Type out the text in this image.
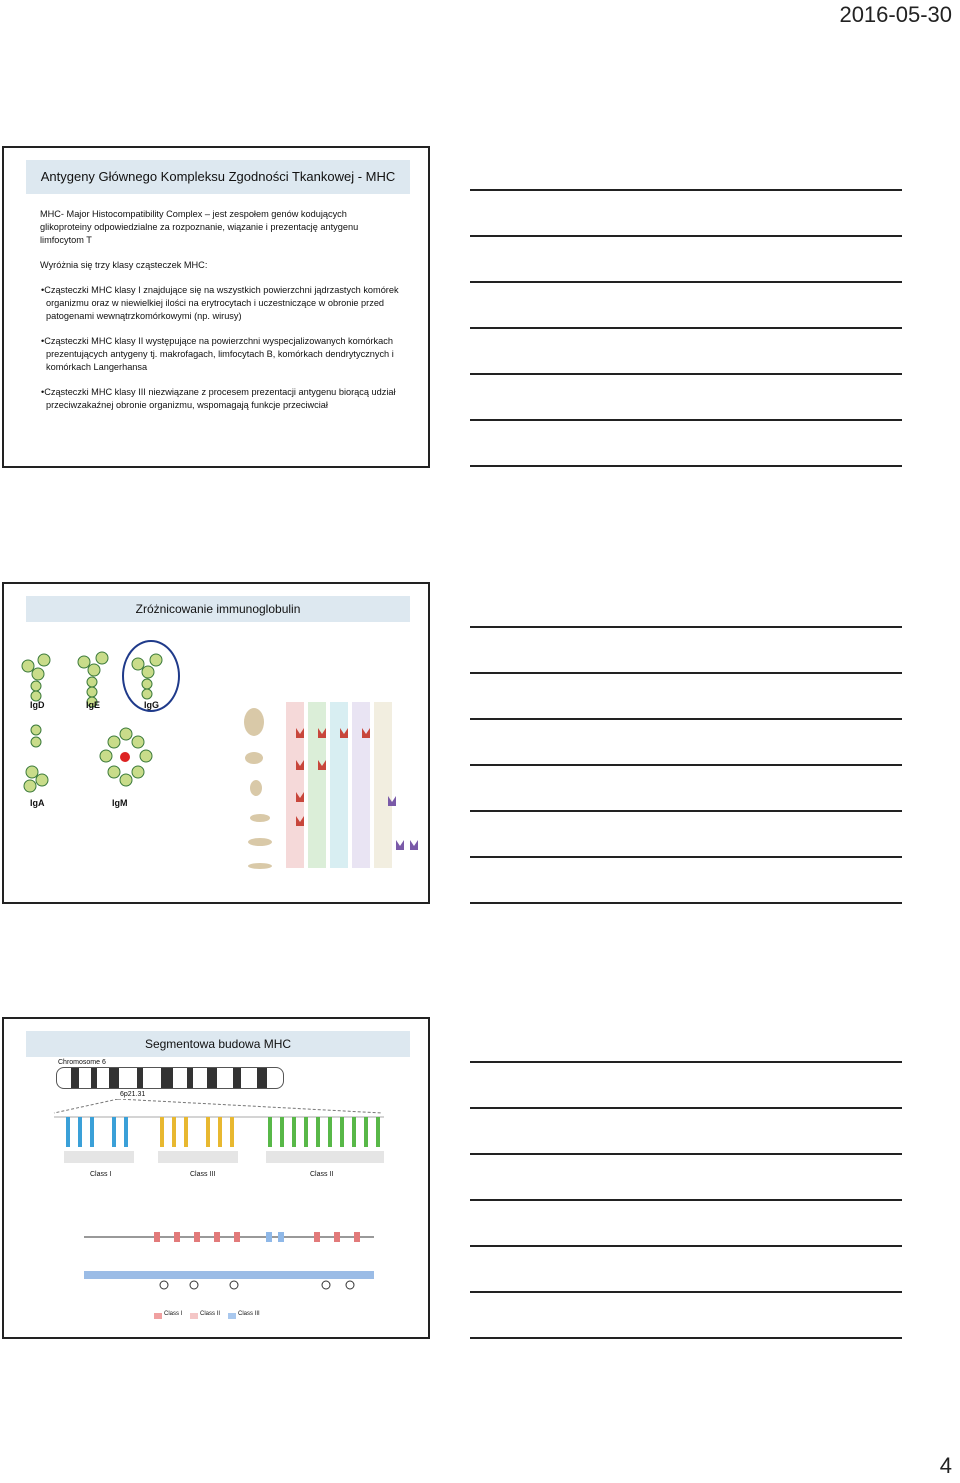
2016-05-30
Antygeny Głównego Kompleksu Zgodności Tkankowej - MHC

MHC- Major Histocompatibility Complex – jest zespołem genów kodujących glikoproteiny odpowiedzialne za rozpoznanie, wiązanie i prezentację antygenu limfocytom T

Wyróżnia się trzy klasy cząsteczek MHC:

•Cząsteczki MHC klasy I znajdujące się na wszystkich powierzchni jądrzastych komórek organizmu oraz w niewielkiej ilości na erytrocytach i uczestniczące w obronie przed patogenami wewnątrzkomórkowymi (np. wirusy)

•Cząsteczki MHC klasy II występujące na powierzchni wyspecjalizowanych komórkach prezentujących antygeny tj. makrofagach, limfocytach B, komórkach dendrytycznych i komórkach Langerhansa

•Cząsteczki MHC klasy III niezwiązane z procesem prezentacji antygenu biorącą udział przeciwzakaźnej obronie organizmu, wspomagają funkcje przeciwciał

Zróżnicowanie immunoglobulin
IgD	IgE	IgG
IgA	IgM
Segmentowa budowa MHC
Chromosome 6
6p21.31
Class I	Class III	Class II
Class I	Class II	Class III
4
